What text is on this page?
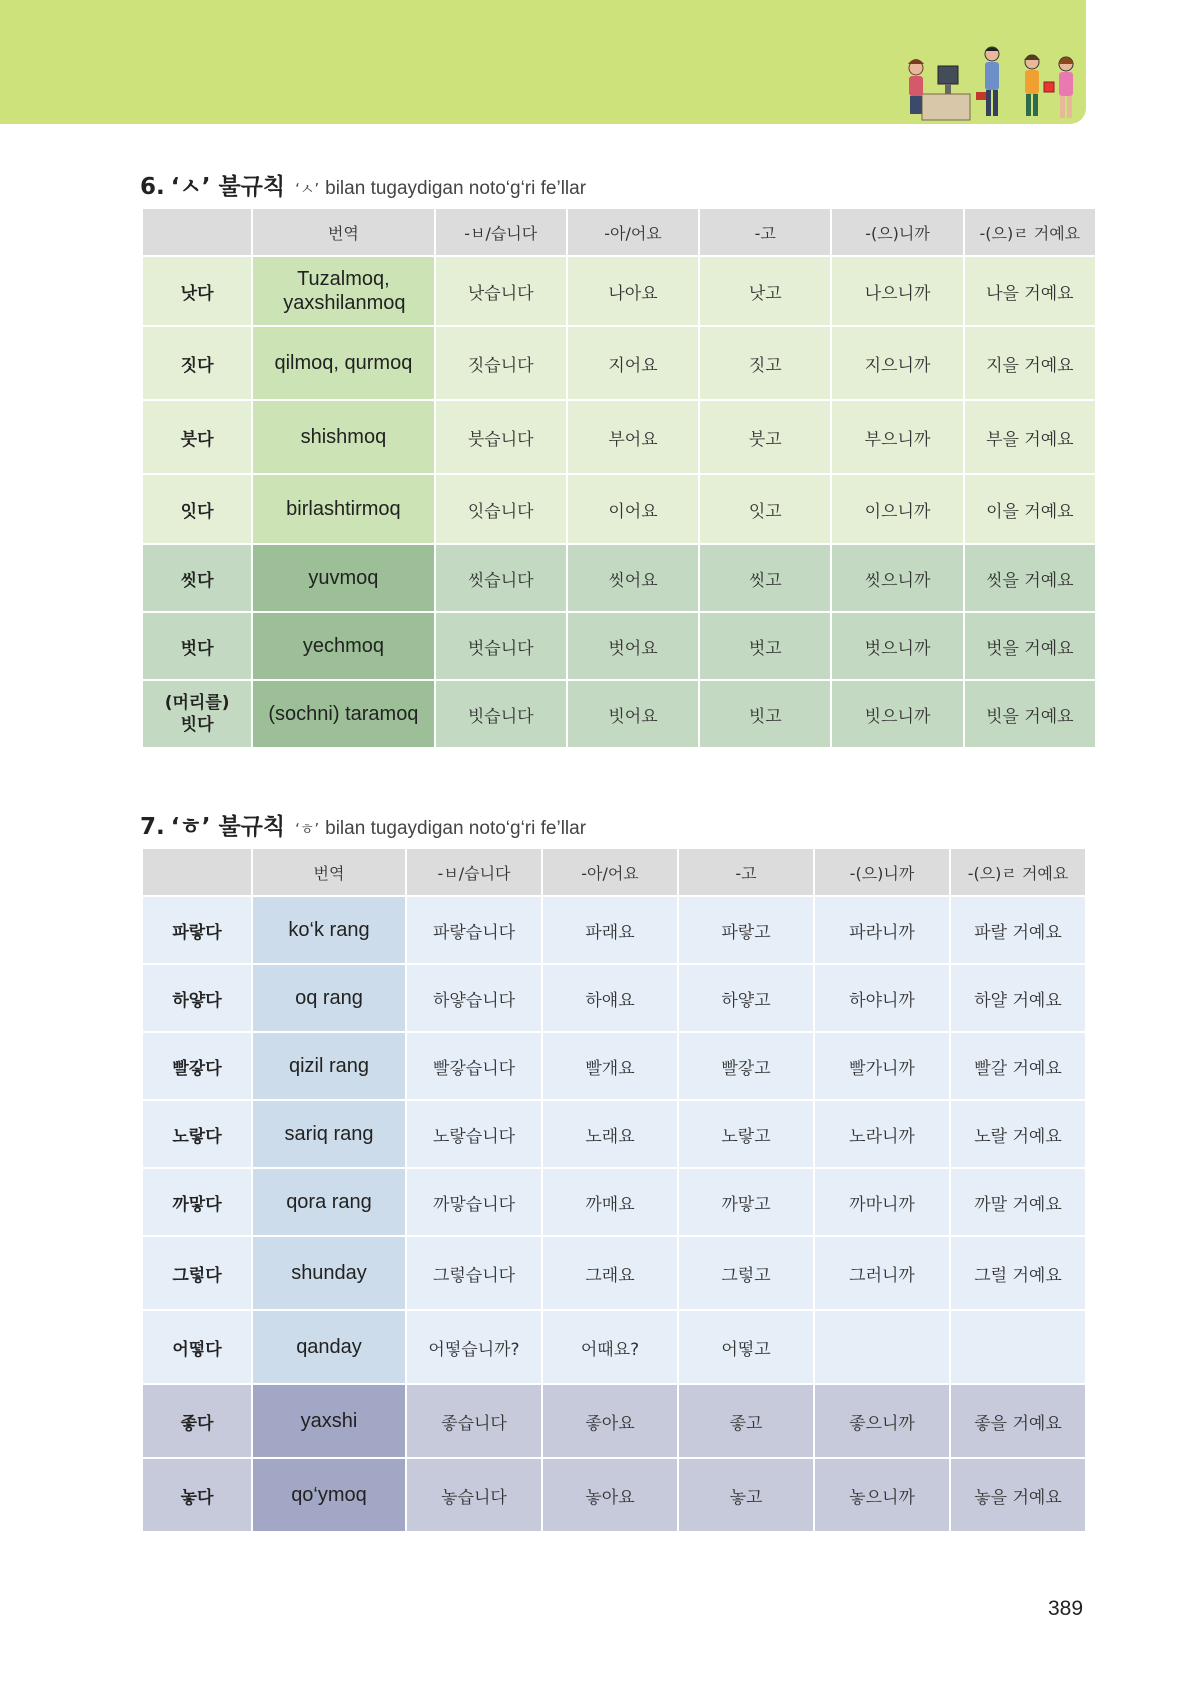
6. ‘ㅅ’ 불규칙 ‘ㅅ’ bilan tugaydigan noto‘g‘ri fe’llar
	번역	-ㅂ/습니다	-아/어요	-고	-(으)니까	-(으)ㄹ 거예요
낫다	Tuzalmoq, yaxshilanmoq	낫습니다	나아요	낫고	나으니까	나을 거예요
짓다	qilmoq, qurmoq	짓습니다	지어요	짓고	지으니까	지을 거예요
붓다	shishmoq	붓습니다	부어요	붓고	부으니까	부을 거예요
잇다	birlashtirmoq	잇습니다	이어요	잇고	이으니까	이을 거예요
씻다	yuvmoq	씻습니다	씻어요	씻고	씻으니까	씻을 거예요
벗다	yechmoq	벗습니다	벗어요	벗고	벗으니까	벗을 거예요
(머리를) 빗다	(sochni) taramoq	빗습니다	빗어요	빗고	빗으니까	빗을 거예요
7. ‘ㅎ’ 불규칙 ‘ㅎ’ bilan tugaydigan noto‘g‘ri fe’llar
	번역	-ㅂ/습니다	-아/어요	-고	-(으)니까	-(으)ㄹ 거예요
파랗다	ko‘k rang	파랗습니다	파래요	파랗고	파라니까	파랄 거예요
하얗다	oq rang	하얗습니다	하얘요	하얗고	하야니까	하얄 거예요
빨갛다	qizil rang	빨갛습니다	빨개요	빨갛고	빨가니까	빨갈 거예요
노랗다	sariq rang	노랗습니다	노래요	노랗고	노라니까	노랄 거예요
까맣다	qora rang	까맣습니다	까매요	까맣고	까마니까	까말 거예요
그렇다	shunday	그렇습니다	그래요	그렇고	그러니까	그럴 거예요
어떻다	qanday	어떻습니까?	어때요?	어떻고		
좋다	yaxshi	좋습니다	좋아요	좋고	좋으니까	좋을 거예요
놓다	qo‘ymoq	놓습니다	놓아요	놓고	놓으니까	놓을 거예요
389
